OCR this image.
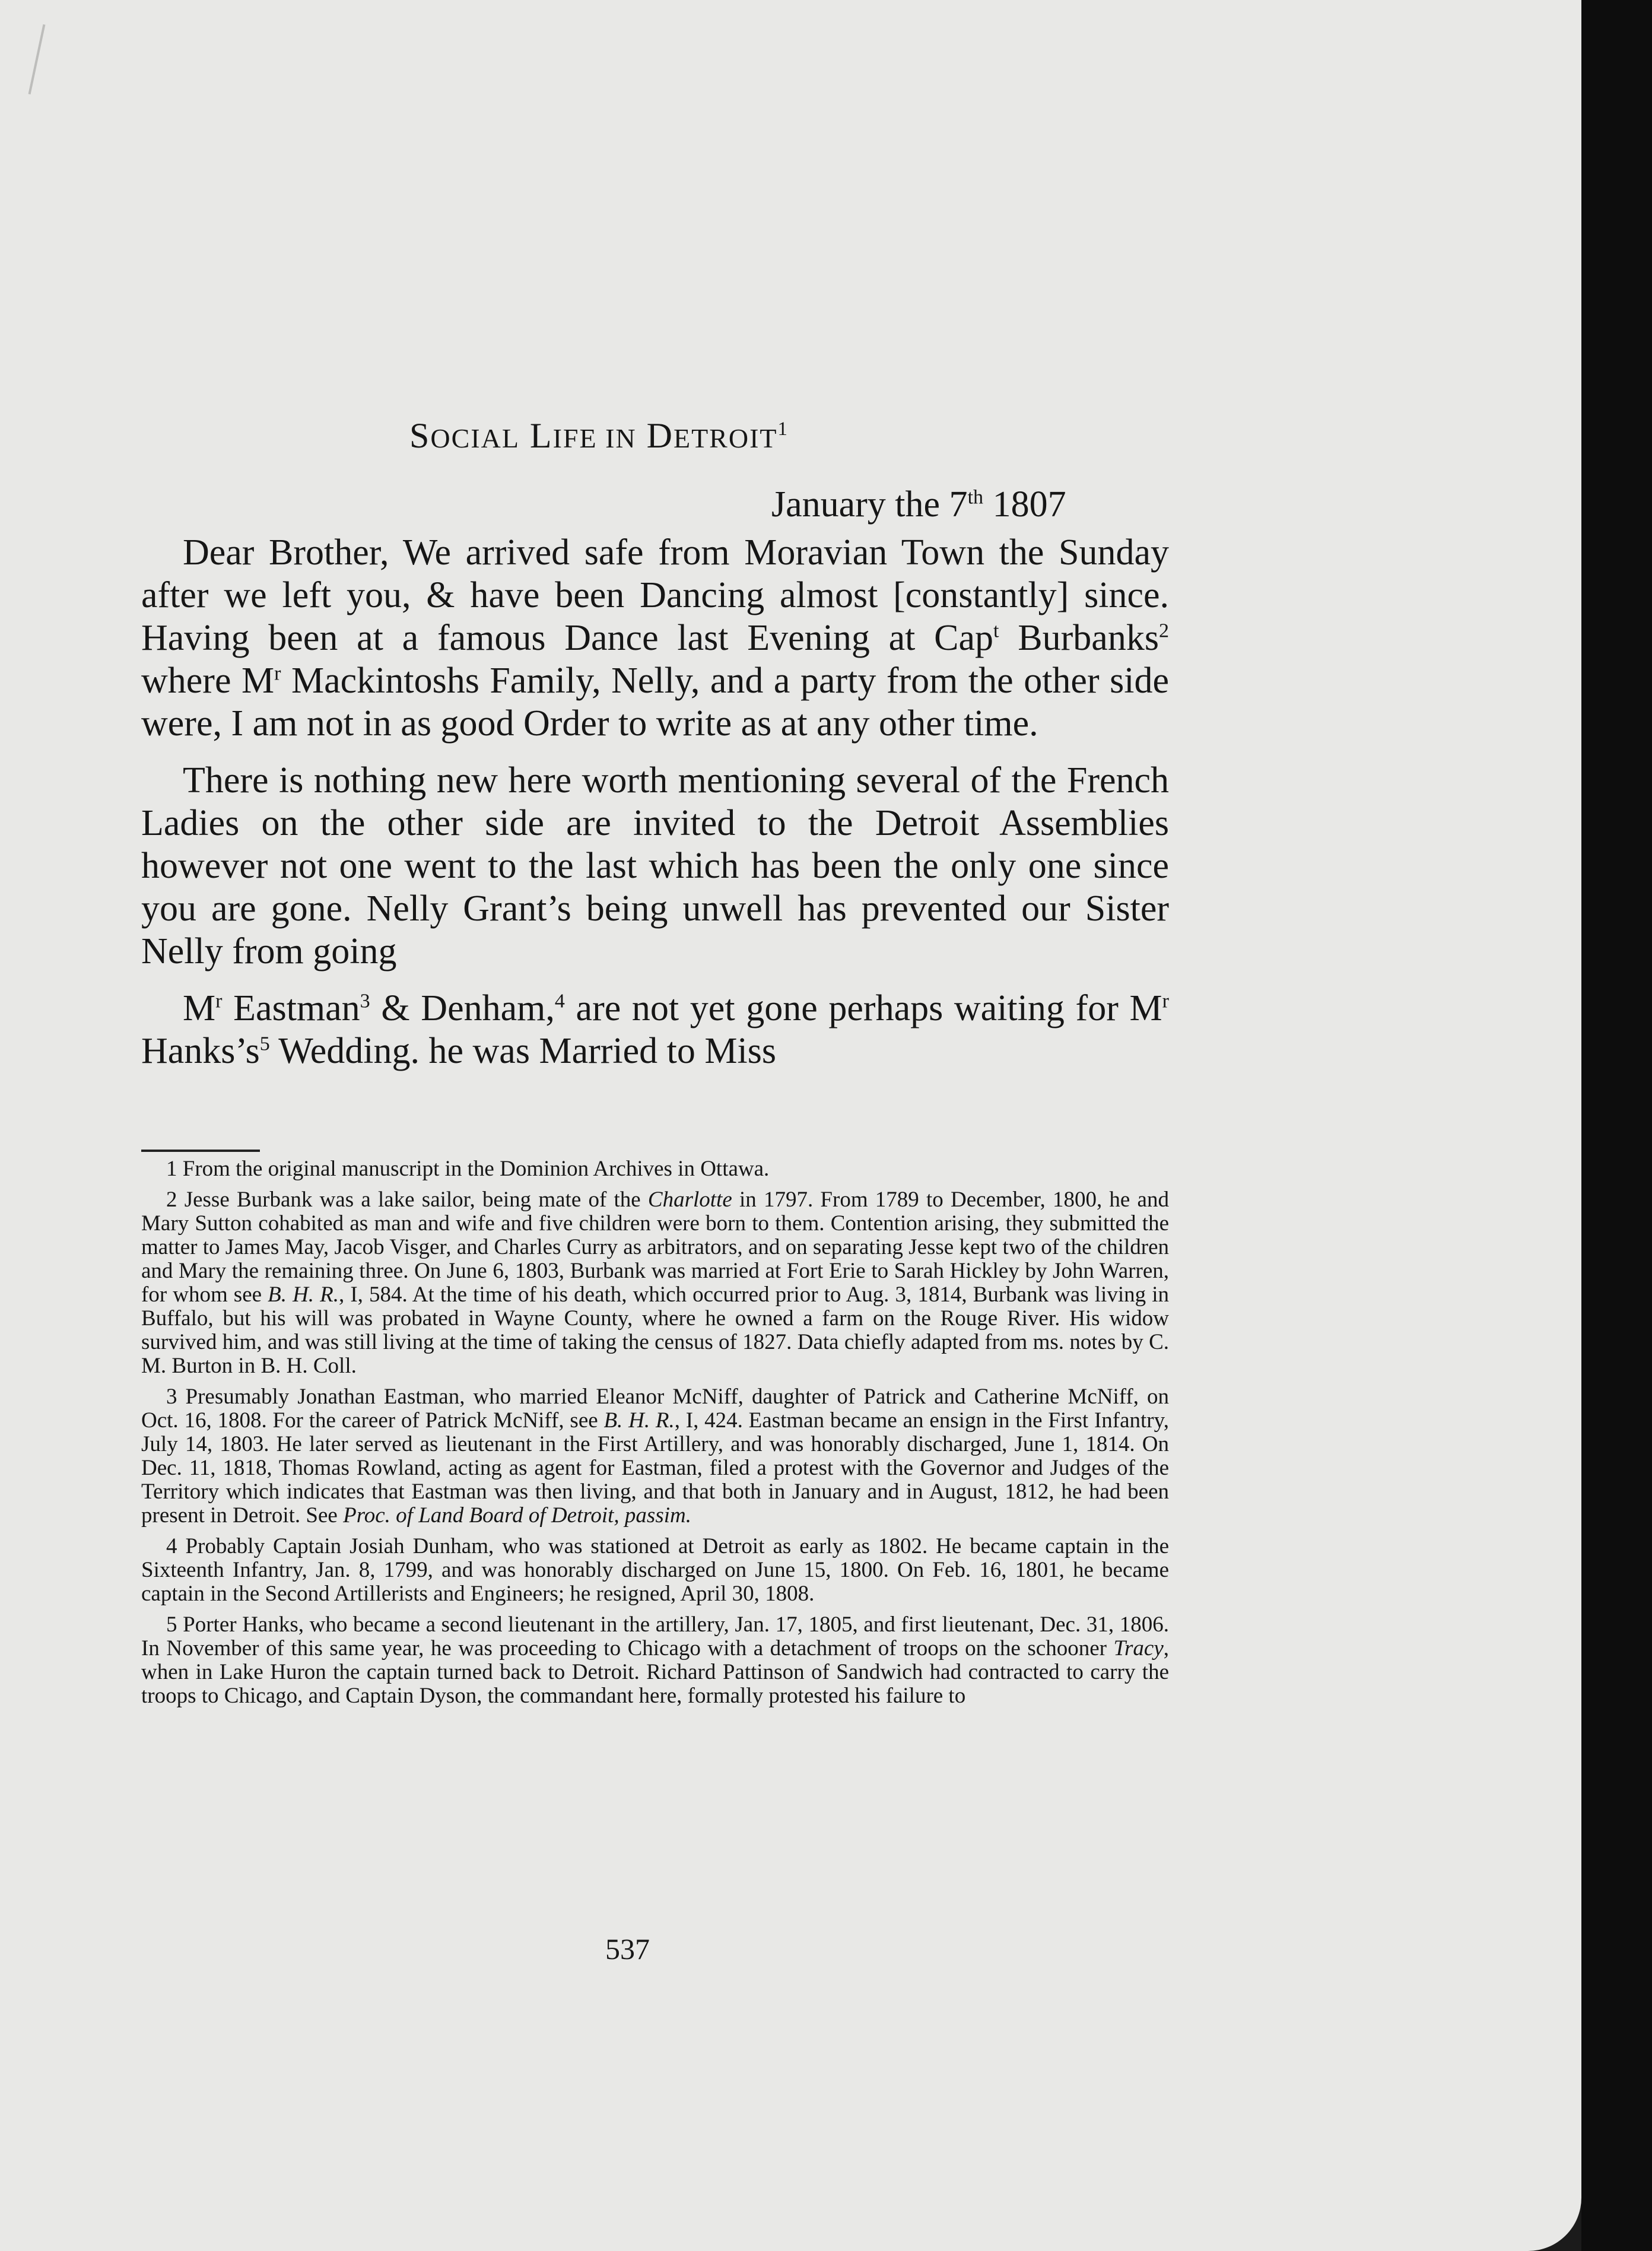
SOCIAL LIFE IN DETROIT$^1$
January the 7th 1807

Dear Brother, We arrived safe from Moravian Town the Sunday after we left you, & have been Dancing almost [constantly] since. Having been at a famous Dance last Evening at Cap$^t$ Burbanks$^2$ where $M^r$ Mackintoshs Family, Nelly, and a party from the other side were, I am not in as good Order to write as at any other time.

There is nothing new here worth mentioning several of the French Ladies on the other side are invited to the Detroit Assemblies however not one went to the last which has been the only one since you are gone. Nelly Grant’s being unwell has prevented our Sister Nelly from going

$M^r$ Eastman$^3$ & Denham,$^4$ are not yet gone perhaps waiting for $M^r$ $Hanks’s^5$ Wedding. he was Married to Miss

1 From the original manuscript in the Dominion Archives in Ottawa.

2 Jesse Burbank was a lake sailor, being mate of the Charlotte in 1797. From 1789 to December, 1800, he and Mary Sutton cohabited as man and wife and five children were born to them. Contention arising, they submitted the matter to James May, Jacob Visger, and Charles Curry as arbitrators, and on separating Jesse kept two of the children and Mary the remaining three. On June 6, 1803, Burbank was married at Fort Erie to Sarah Hickley by John Warren, for whom see B. H. R., I, 584. At the time of his death, which occurred prior to Aug. 3, 1814, Burbank was living in Buffalo, but his will was probated in Wayne County, where he owned a farm on the Rouge River. His widow survived him, and was still living at the time of taking the census of 1827. Data chiefly adapted from ms. notes by C. M. Burton in B. H. Coll.

3 Presumably Jonathan Eastman, who married Eleanor McNiff, daughter of Patrick and Catherine McNiff, on Oct. 16, 1808. For the career of Patrick McNiff, see B. H. R., I, 424. Eastman became an ensign in the First Infantry, July 14, 1803. He later served as lieutenant in the First Artillery, and was honorably discharged, June 1, 1814. On Dec. 11, 1818, Thomas Rowland, acting as agent for Eastman, filed a protest with the Governor and Judges of the Territory which indicates that Eastman was then living, and that both in January and in August, 1812, he had been present in Detroit. See Proc. of Land Board of Detroit, passim.

4 Probably Captain Josiah Dunham, who was stationed at Detroit as early as 1802. He became captain in the Sixteenth Infantry, Jan. 8, 1799, and was honorably discharged on June 15, 1800. On Feb. 16, 1801, he became captain in the Second Artillerists and Engineers; he resigned, April 30, 1808.

5 Porter Hanks, who became a second lieutenant in the artillery, Jan. 17, 1805, and first lieutenant, Dec. 31, 1806. In November of this same year, he was proceeding to Chicago with a detachment of troops on the schooner Tracy, when in Lake Huron the captain turned back to Detroit. Richard Pattinson of Sandwich had contracted to carry the troops to Chicago, and Captain Dyson, the commandant here, formally protested his failure to

537
